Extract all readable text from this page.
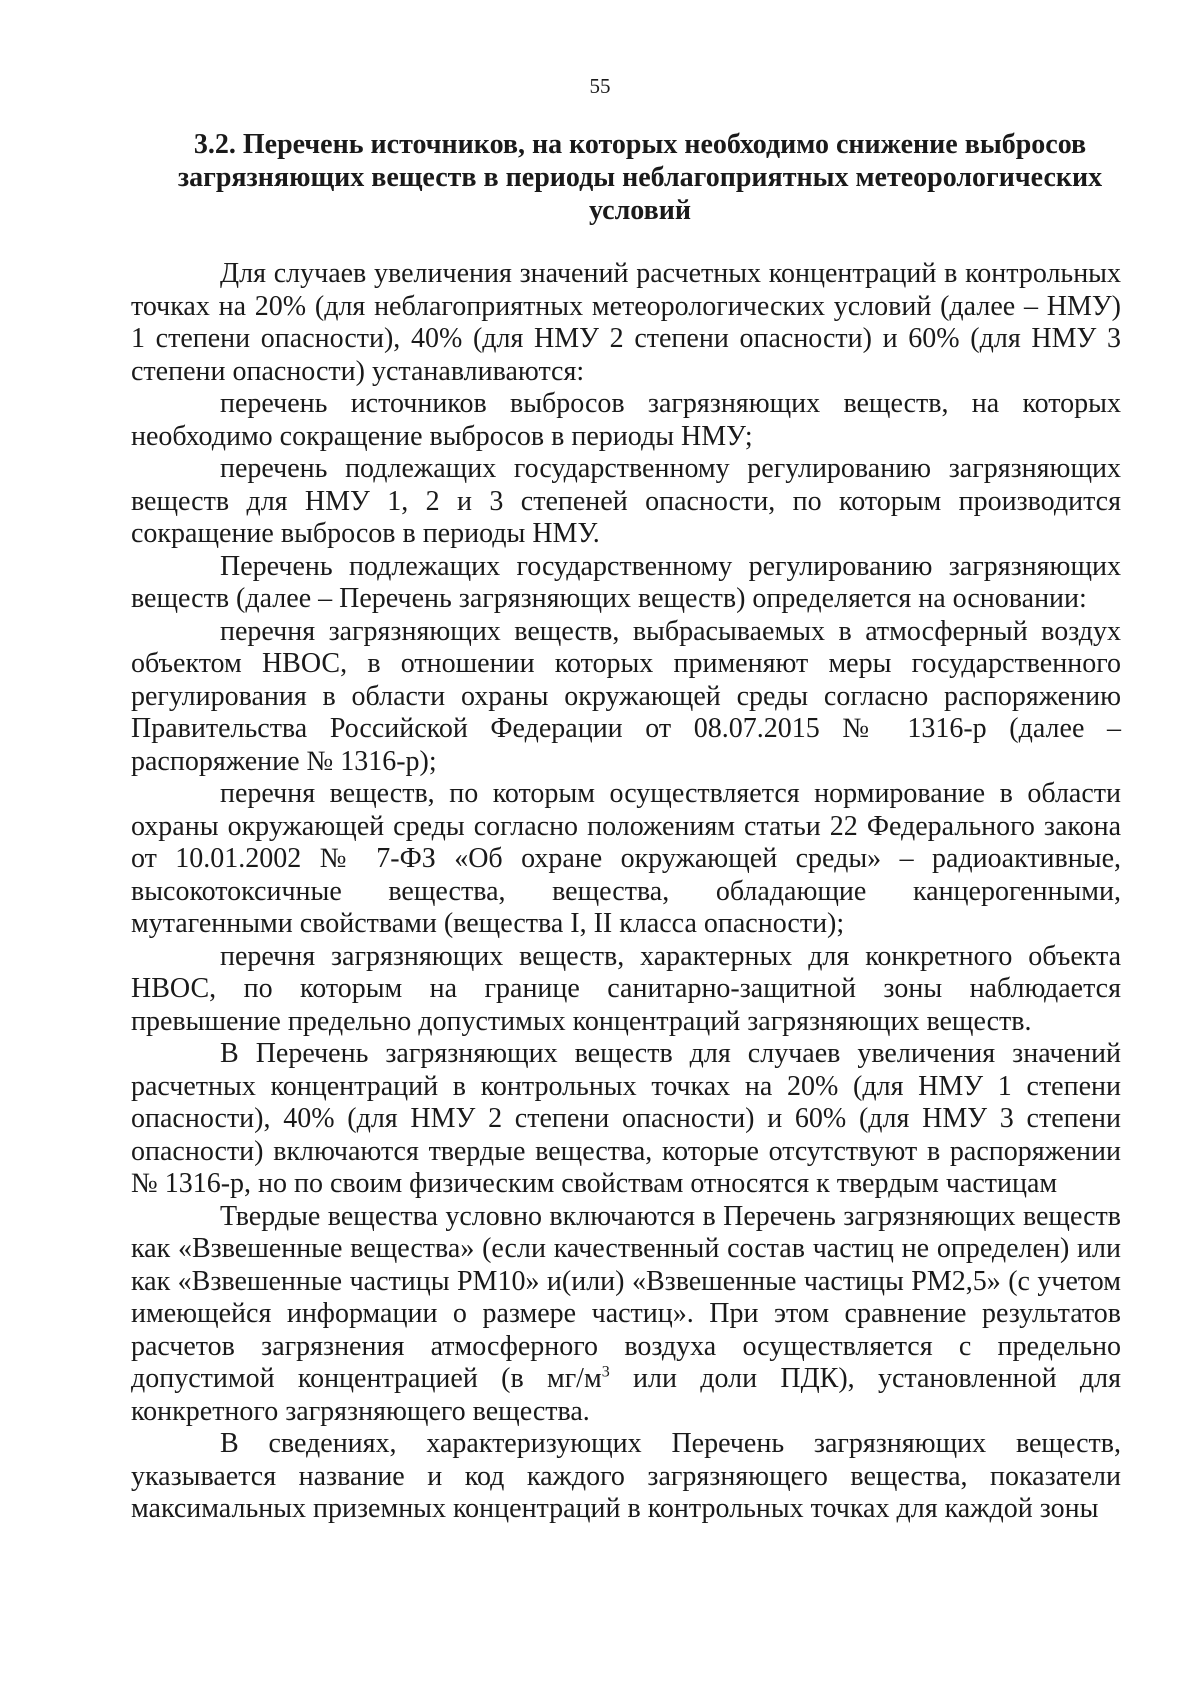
55
3.2. Перечень источников, на которых необходимо снижение выбросов загрязняющих веществ в периоды неблагоприятных метеорологических условий

Для случаев увеличения значений расчетных концентраций в контрольных точках на 20% (для неблагоприятных метеорологических условий (далее – НМУ) 1 степени опасности), 40% (для НМУ 2 степени опасности) и 60% (для НМУ 3 степени опасности) устанавливаются:

перечень источников выбросов загрязняющих веществ, на которых необходимо сокращение выбросов в периоды НМУ;

перечень подлежащих государственному регулированию загрязняющих веществ для НМУ 1, 2 и 3 степеней опасности, по которым производится сокращение выбросов в периоды НМУ.

Перечень подлежащих государственному регулированию загрязняющих веществ (далее – Перечень загрязняющих веществ) определяется на основании:

перечня загрязняющих веществ, выбрасываемых в атмосферный воздух объектом НВОС, в отношении которых применяют меры государственного регулирования в области охраны окружающей среды согласно распоряжению Правительства Российской Федерации от 08.07.2015 № 1316-р (далее – распоряжение № 1316-р);

перечня веществ, по которым осуществляется нормирование в области охраны окружающей среды согласно положениям статьи 22 Федерального закона от 10.01.2002 № 7-ФЗ «Об охране окружающей среды» – радиоактивные, высокотоксичные вещества, вещества, обладающие канцерогенными, мутагенными свойствами (вещества I, II класса опасности);

перечня загрязняющих веществ, характерных для конкретного объекта НВОС, по которым на границе санитарно-защитной зоны наблюдается превышение предельно допустимых концентраций загрязняющих веществ.

В Перечень загрязняющих веществ для случаев увеличения значений расчетных концентраций в контрольных точках на 20% (для НМУ 1 степени опасности), 40% (для НМУ 2 степени опасности) и 60% (для НМУ 3 степени опасности) включаются твердые вещества, которые отсутствуют в распоряжении № 1316-р, но по своим физическим свойствам относятся к твердым частицам

Твердые вещества условно включаются в Перечень загрязняющих веществ как «Взвешенные вещества» (если качественный состав частиц не определен) или как «Взвешенные частицы РМ10» и(или) «Взвешенные частицы РМ2,5» (с учетом имеющейся информации о размере частиц». При этом сравнение результатов расчетов загрязнения атмосферного воздуха осуществляется с предельно допустимой концентрацией (в $мг/м^3$ или доли ПДК), установленной для конкретного загрязняющего вещества.

В сведениях, характеризующих Перечень загрязняющих веществ, указывается название и код каждого загрязняющего вещества, показатели максимальных приземных концентраций в контрольных точках для каждой зоны
